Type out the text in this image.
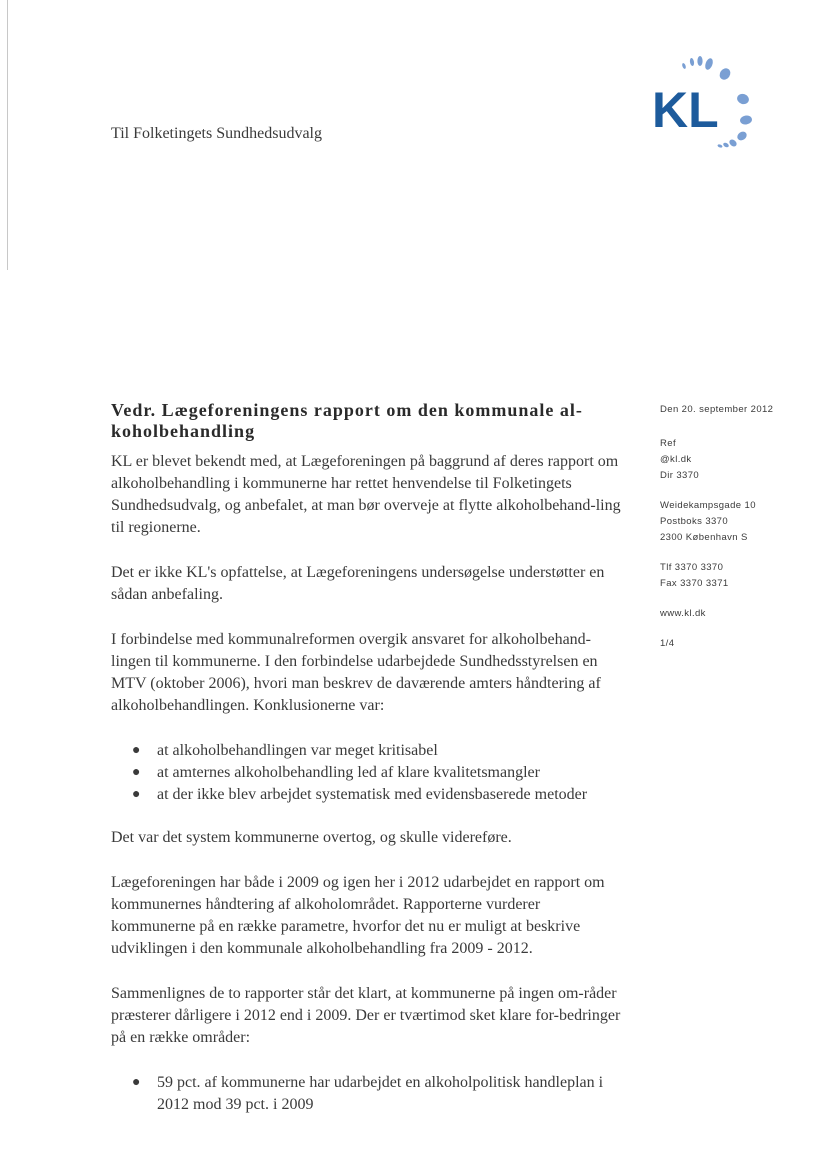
KL
Til Folketingets Sundhedsudvalg
Vedr. Lægeforeningens rapport om den kommunale al-koholbehandling

KL er blevet bekendt med, at Lægeforeningen på baggrund af deres rapport om alkoholbehandling i kommunerne har rettet henvendelse til Folketingets Sundhedsudvalg, og anbefalet, at man bør overveje at flytte alkoholbehand-ling til regionerne.

Det er ikke KL's opfattelse, at Lægeforeningens undersøgelse understøtter en sådan anbefaling.

I forbindelse med kommunalreformen overgik ansvaret for alkoholbehand-lingen til kommunerne. I den forbindelse udarbejdede Sundhedsstyrelsen en MTV (oktober 2006), hvori man beskrev de daværende amters håndtering af alkoholbehandlingen. Konklusionerne var:

● at alkoholbehandlingen var meget kritisabel
● at amternes alkoholbehandling led af klare kvalitetsmangler
● at der ikke blev arbejdet systematisk med evidensbaserede metoder

Det var det system kommunerne overtog, og skulle videreføre.

Lægeforeningen har både i 2009 og igen her i 2012 udarbejdet en rapport om kommunernes håndtering af alkoholområdet. Rapporterne vurderer kommunerne på en række parametre, hvorfor det nu er muligt at beskrive udviklingen i den kommunale alkoholbehandling fra 2009 - 2012.

Sammenlignes de to rapporter står det klart, at kommunerne på ingen om-råder præsterer dårligere i 2012 end i 2009. Der er tværtimod sket klare for-bedringer på en række områder:

● 59 pct. af kommunerne har udarbejdet en alkoholpolitisk handleplan i 2012 mod 39 pct. i 2009
Den 20. september 2012
Ref
@kl.dk
Dir 3370
Weidekampsgade 10
Postboks 3370
2300 København S
Tlf 3370 3370
Fax 3370 3371
www.kl.dk
1/4
